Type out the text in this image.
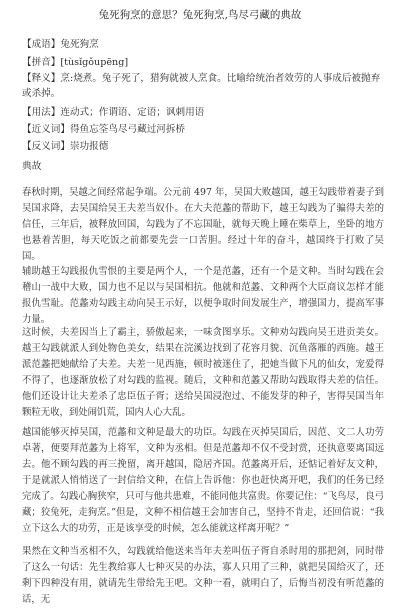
兔死狗烹的意思？兔死狗烹,鸟尽弓藏的典故
【成语】兔死狗烹
【拼音】[tùsǐgǒupēng]
【释义】烹:烧煮。兔子死了，猎狗就被人烹食。比喻给统治者效劳的人事成后被抛弃或杀掉。
【用法】连动式；作谓语、定语；讽刺用语
【近义词】得鱼忘筌鸟尽弓藏过河拆桥
【反义词】崇功报德
典故
春秋时期，吴越之间经常起争端。公元前 497 年，吴国大败越国，越王勾践带着妻子到吴国求降，去吴国给吴王夫差当奴仆。在大夫范蠡的帮助下，越王勾践为了骗得夫差的信任，三年后，被释放回国，勾践为了不忘国耻，就每天晚上睡在柴草上，坐卧的地方也悬着苦胆，每天吃饭之前都要先尝一口苦胆。经过十年的奋斗，越国终于打败了吴国。
辅助越王勾践报仇雪恨的主要是两个人，一个是范蠡，还有一个是文种。当时勾践在会稽山一战中大败，国力也不足以与吴国相抗。他就和范蠡、文种两个大臣商议怎样才能报仇雪耻。范蠡劝勾践主动向吴王示好，以便争取时间发展生产，增强国力，提高军事力量。
这时候，夫差因当上了霸主，骄傲起来，一味贪图享乐。文种劝勾践向吴王进贡美女。越王勾践就派人到处物色美女，结果在浣溪边找到了花容月貌、沉鱼落雁的西施。越王派范蠡把她献给了夫差。夫差一见西施，顿时被迷住了，把她当做下凡的仙女，宠爱得不得了，也逐渐放松了对勾践的监视。随后，文种和范蠡又帮助勾践取得夫差的信任。他们还设计让夫差杀了忠臣伍子胥；送给吴国浸泡过、不能发芽的种子，害得吴国当年颗粒无收，到处闹饥荒，国内人心大乱。
越国能够灭掉吴国，范蠡和文种是最大的功臣。勾践在灭掉吴国后，因范、文二人功劳卓著，便要拜范蠡为上将军，文种为丞相。但是范蠡却不仅不受封赏，还执意要离国远去。他不顾勾践的再三挽留，离开越国，隐居齐国。范蠡离开后，还惦记着好友文种，于是就派人悄悄送了一封信给文种，在信上告诉他：你也赶快离开吧，我们的任务已经完成了。勾践心胸狭窄，只可与他共患难，不能同他共富贵。你要记住：“飞鸟尽，良弓藏；狡兔死，走狗烹。”但是，文种不相信越王会加害自己，坚持不肯走，还回信说：“我立下这么大的功劳，正是该享受的时候，怎么能就这样离开呢？”
果然在文种当丞相不久，勾践就给他送来当年夫差叫伍子胥自杀时用的那把剑，同时带了这么一句话：先生教给寡人七种灭吴的办法，寡人只用了三种，就把吴国给灭了，还剩下四种没有用，就请先生带给先王吧。文种一看，就明白了，后悔当初没有听范蠡的话，无
